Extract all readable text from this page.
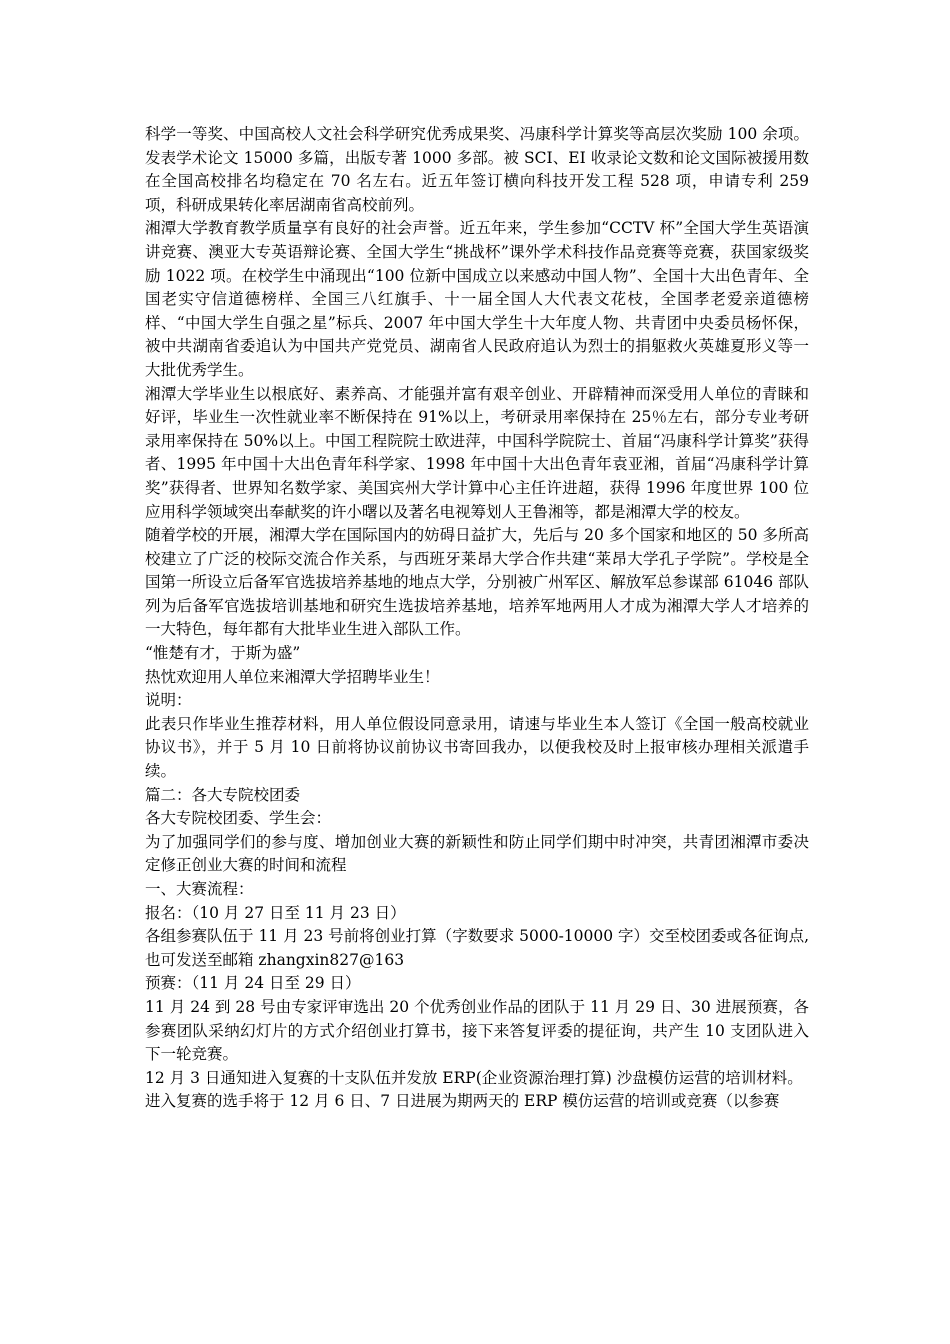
科学一等奖、中国高校人文社会科学研究优秀成果奖、冯康科学计算奖等高层次奖励 100 余项。发表学术论文 15000 多篇，出版专著 1000 多部。被 SCI、EI 收录论文数和论文国际被援用数在全国高校排名均稳定在 70 名左右。近五年签订横向科技开发工程 528 项，申请专利 259 项，科研成果转化率居湖南省高校前列。

湘潭大学教育教学质量享有良好的社会声誉。近五年来，学生参加“CCTV 杯”全国大学生英语演讲竞赛、澳亚大专英语辩论赛、全国大学生“挑战杯”课外学术科技作品竞赛等竞赛，获国家级奖励 1022 项。在校学生中涌现出“100 位新中国成立以来感动中国人物”、全国十大出色青年、全国老实守信道德榜样、全国三八红旗手、十一届全国人大代表文花枝，全国孝老爱亲道德榜样、“中国大学生自强之星”标兵、2007 年中国大学生十大年度人物、共青团中央委员杨怀保，被中共湖南省委追认为中国共产党党员、湖南省人民政府追认为烈士的捐躯救火英雄夏形义等一大批优秀学生。

湘潭大学毕业生以根底好、素养高、才能强并富有艰辛创业、开辟精神而深受用人单位的青睐和好评，毕业生一次性就业率不断保持在 91%以上，考研录用率保持在 25％左右，部分专业考研录用率保持在 50%以上。中国工程院院士欧进萍，中国科学院院士、首届“冯康科学计算奖”获得者、1995 年中国十大出色青年科学家、1998 年中国十大出色青年袁亚湘，首届“冯康科学计算奖”获得者、世界知名数学家、美国宾州大学计算中心主任许进超，获得 1996 年度世界 100 位应用科学领域突出奉献奖的许小曙以及著名电视筹划人王鲁湘等，都是湘潭大学的校友。

随着学校的开展，湘潭大学在国际国内的妨碍日益扩大，先后与 20 多个国家和地区的 50 多所高校建立了广泛的校际交流合作关系，与西班牙莱昂大学合作共建“莱昂大学孔子学院”。学校是全国第一所设立后备军官选拔培养基地的地点大学，分别被广州军区、解放军总参谋部 61046 部队列为后备军官选拔培训基地和研究生选拔培养基地，培养军地两用人才成为湘潭大学人才培养的一大特色，每年都有大批毕业生进入部队工作。

“惟楚有才，于斯为盛”

热忱欢迎用人单位来湘潭大学招聘毕业生！

说明：

此表只作毕业生推荐材料，用人单位假设同意录用，请速与毕业生本人签订《全国一般高校就业协议书》，并于 5 月 10 日前将协议前协议书寄回我办，以便我校及时上报审核办理相关派遣手续。

篇二：各大专院校团委

各大专院校团委、学生会：

为了加强同学们的参与度、增加创业大赛的新颖性和防止同学们期中时冲突，共青团湘潭市委决定修正创业大赛的时间和流程

一、大赛流程：

报名：（10 月 27 日至 11 月 23 日）

各组参赛队伍于 11 月 23 号前将创业打算（字数要求 5000-10000 字）交至校团委或各征询点,也可发送至邮箱 zhangxin827@163

预赛：（11 月 24 日至 29 日）

11 月 24 到 28 号由专家评审选出 20 个优秀创业作品的团队于 11 月 29 日、30 进展预赛，各参赛团队采纳幻灯片的方式介绍创业打算书，接下来答复评委的提征询，共产生 10 支团队进入下一轮竞赛。

12 月 3 日通知进入复赛的十支队伍并发放 ERP(企业资源治理打算) 沙盘模仿运营的培训材料。

进入复赛的选手将于 12 月 6 日、7 日进展为期两天的 ERP 模仿运营的培训或竞赛（以参赛
